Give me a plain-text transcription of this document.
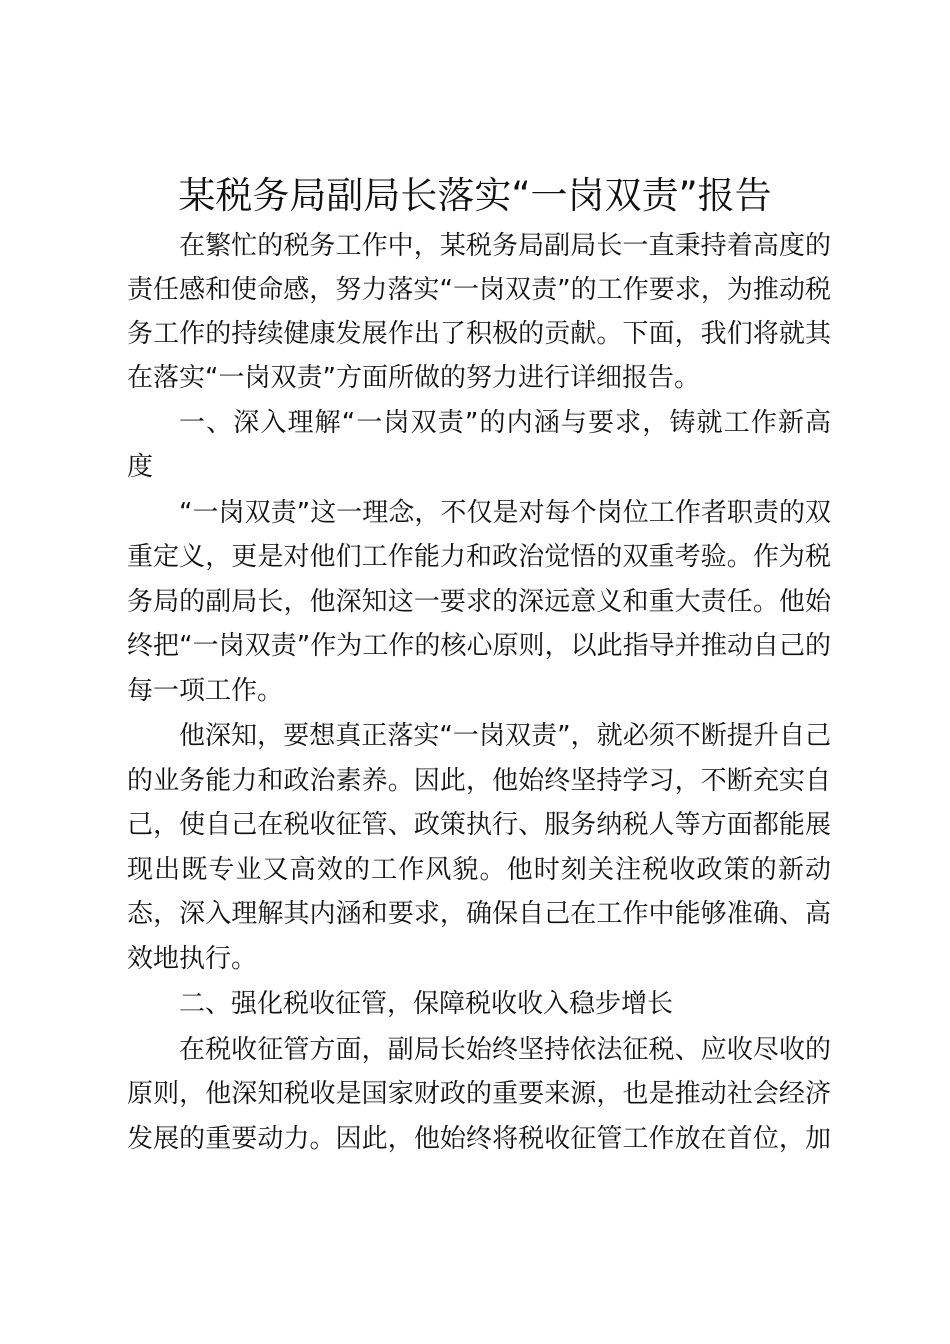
某税务局副局长落实“一岗双责”报告
在繁忙的税务工作中，某税务局副局长一直秉持着高度的
责任感和使命感，努力落实“一岗双责”的工作要求，为推动税
务工作的持续健康发展作出了积极的贡献。下面，我们将就其
在落实“一岗双责”方面所做的努力进行详细报告。
一、深入理解“一岗双责”的内涵与要求，铸就工作新高
度
“一岗双责”这一理念，不仅是对每个岗位工作者职责的双
重定义，更是对他们工作能力和政治觉悟的双重考验。作为税
务局的副局长，他深知这一要求的深远意义和重大责任。他始
终把“一岗双责”作为工作的核心原则，以此指导并推动自己的
每一项工作。
他深知，要想真正落实“一岗双责”，就必须不断提升自己
的业务能力和政治素养。因此，他始终坚持学习，不断充实自
己，使自己在税收征管、政策执行、服务纳税人等方面都能展
现出既专业又高效的工作风貌。他时刻关注税收政策的新动
态，深入理解其内涵和要求，确保自己在工作中能够准确、高
效地执行。
二、强化税收征管，保障税收收入稳步增长
在税收征管方面，副局长始终坚持依法征税、应收尽收的
原则，他深知税收是国家财政的重要来源，也是推动社会经济
发展的重要动力。因此，他始终将税收征管工作放在首位，加
